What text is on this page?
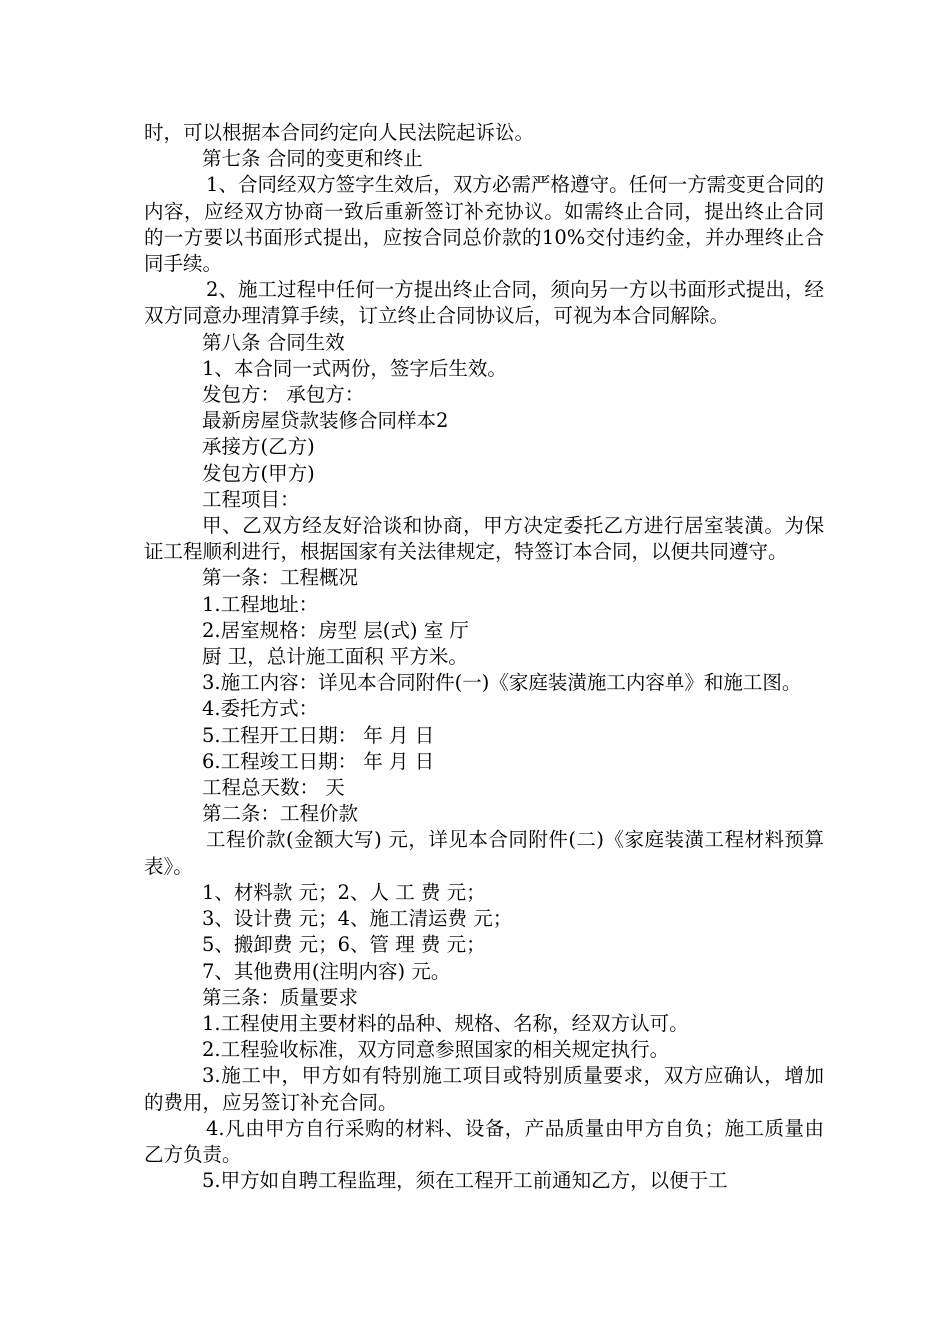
时，可以根据本合同约定向人民法院起诉讼。

第七条 合同的变更和终止

1、合同经双方签字生效后，双方必需严格遵守。任何一方需变更合同的内容，应经双方协商一致后重新签订补充协议。如需终止合同，提出终止合同的一方要以书面形式提出，应按合同总价款的10%交付违约金，并办理终止合同手续。

2、施工过程中任何一方提出终止合同，须向另一方以书面形式提出，经双方同意办理清算手续，订立终止合同协议后，可视为本合同解除。

第八条 合同生效

1、本合同一式两份，签字后生效。

发包方： 承包方：

最新房屋贷款装修合同样本2

承接方(乙方)

发包方(甲方)

工程项目：

甲、乙双方经友好洽谈和协商，甲方决定委托乙方进行居室装潢。为保证工程顺利进行，根据国家有关法律规定，特签订本合同，以便共同遵守。

第一条：工程概况

1.工程地址：

2.居室规格：房型 层(式) 室 厅

厨 卫，总计施工面积 平方米。

3.施工内容：详见本合同附件(一)《家庭装潢施工内容单》和施工图。

4.委托方式：

5.工程开工日期： 年 月 日

6.工程竣工日期： 年 月 日

工程总天数： 天

第二条：工程价款

工程价款(金额大写) 元，详见本合同附件(二)《家庭装潢工程材料预算表》。

1、材料款 元；2、人 工 费 元；

3、设计费 元；4、施工清运费 元；

5、搬卸费 元；6、管 理 费 元；

7、其他费用(注明内容) 元。

第三条：质量要求

1.工程使用主要材料的品种、规格、名称，经双方认可。

2.工程验收标准，双方同意参照国家的相关规定执行。

3.施工中，甲方如有特别施工项目或特别质量要求，双方应确认，增加的费用，应另签订补充合同。

4.凡由甲方自行采购的材料、设备，产品质量由甲方自负；施工质量由乙方负责。

5.甲方如自聘工程监理，须在工程开工前通知乙方，以便于工
